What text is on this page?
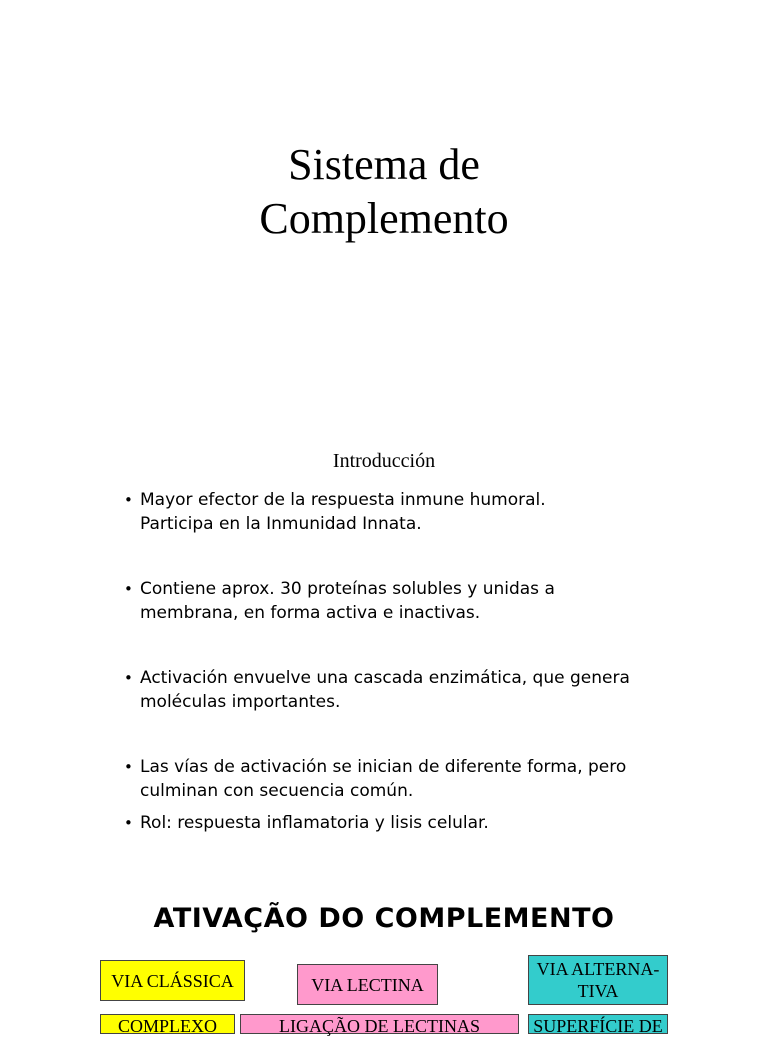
Sistema de
Complemento
Introducción
• Mayor efector de la respuesta inmune humoral.
Participa en la Inmunidad Innata.
• Contiene aprox. 30 proteínas solubles y unidas a
membrana, en forma activa e inactivas.
• Activación envuelve una cascada enzimática, que genera
moléculas importantes.
• Las vías de activación se inician de diferente forma, pero
culminan con secuencia común.
• Rol: respuesta inflamatoria y lisis celular.
ATIVAÇÃO DO COMPLEMENTO
VIA CLÁSSICA	VIA LECTINA
VIA ALTERNA-
TIVA
COMPLEXO	LIGAÇÃO DE LECTINAS	SUPERFÍCIE DE
